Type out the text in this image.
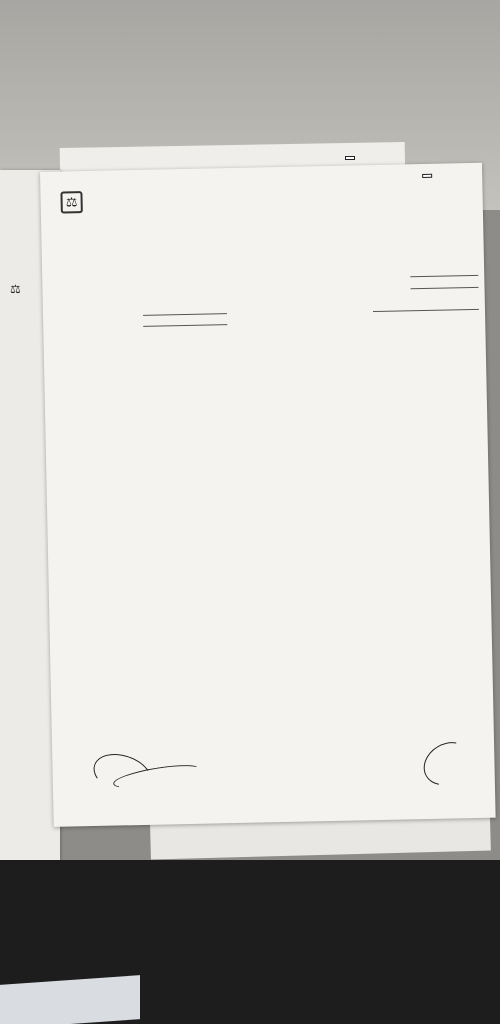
⚖
⚖
